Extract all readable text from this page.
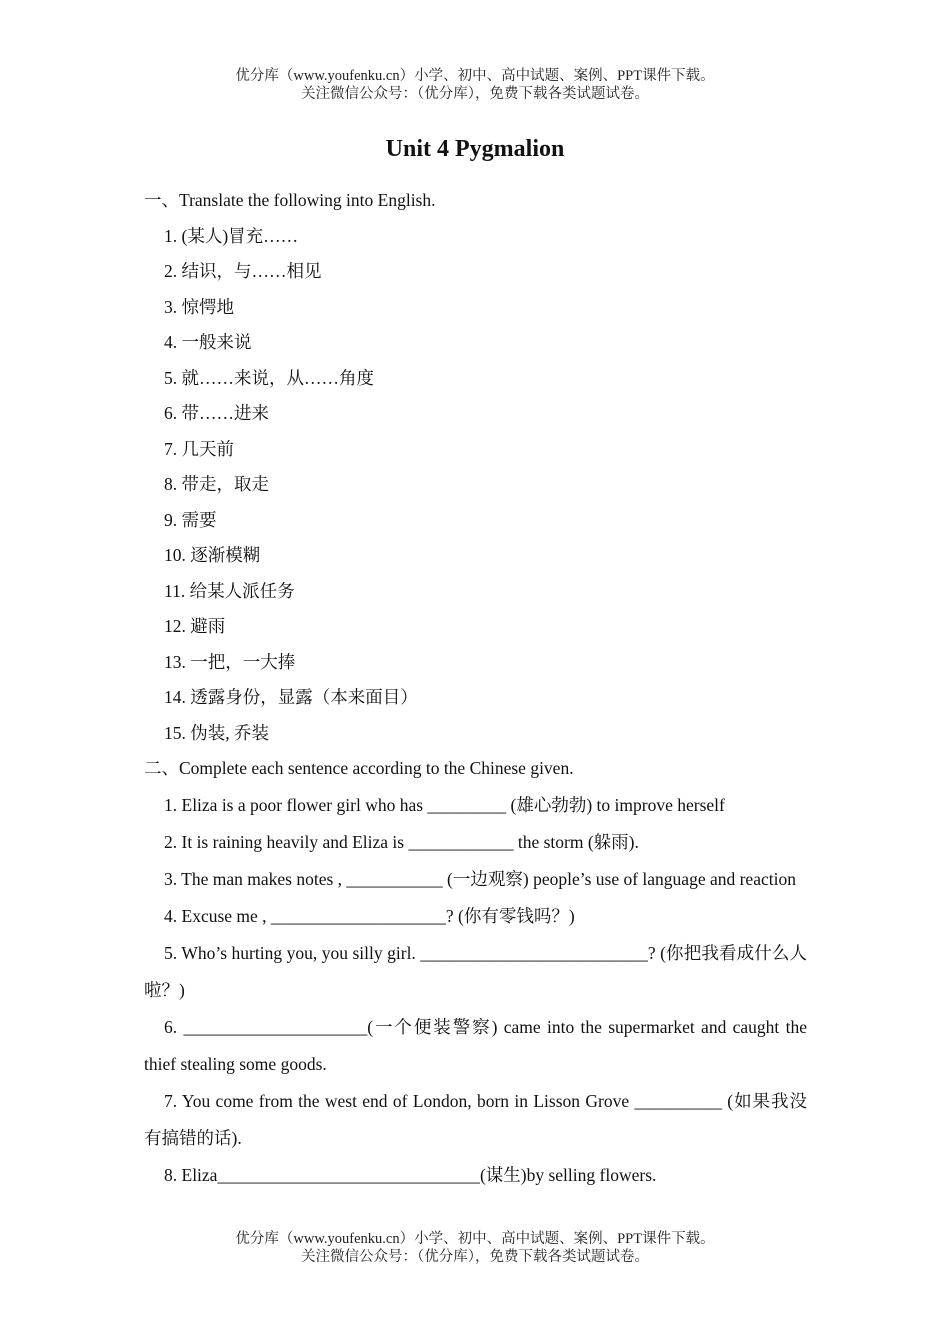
优分库（www.youfenku.cn）小学、初中、高中试题、案例、PPT课件下载。
关注微信公众号：（优分库），免费下载各类试题试卷。
Unit 4 Pygmalion
一、Translate the following into English.
1. (某人)冒充……
2. 结识，与……相见
3. 惊愕地
4. 一般来说
5. 就……来说，从……角度
6. 带……进来
7. 几天前
8. 带走，取走
9. 需要
10. 逐渐模糊
11. 给某人派任务
12. 避雨
13. 一把，一大捧
14. 透露身份，显露（本来面目）
15. 伪装, 乔装
二、Complete each sentence according to the Chinese given.
1. Eliza is a poor flower girl who has _________ (雄心勃勃) to improve herself
2. It is raining heavily and Eliza is ____________ the storm (躲雨).
3. The man makes notes , ___________ (一边观察) people’s use of language and reaction
4. Excuse me , ____________________? (你有零钱吗？)
5. Who’s hurting you, you silly girl. __________________________? (你把我看成什么人啦？)
6. _____________________(一个便装警察) came into the supermarket and caught the thief stealing some goods.
7. You come from the west end of London, born in Lisson Grove __________ (如果我没有搞错的话).
8. Eliza______________________________(谋生)by selling flowers.
优分库（www.youfenku.cn）小学、初中、高中试题、案例、PPT课件下载。
关注微信公众号：（优分库），免费下载各类试题试卷。
